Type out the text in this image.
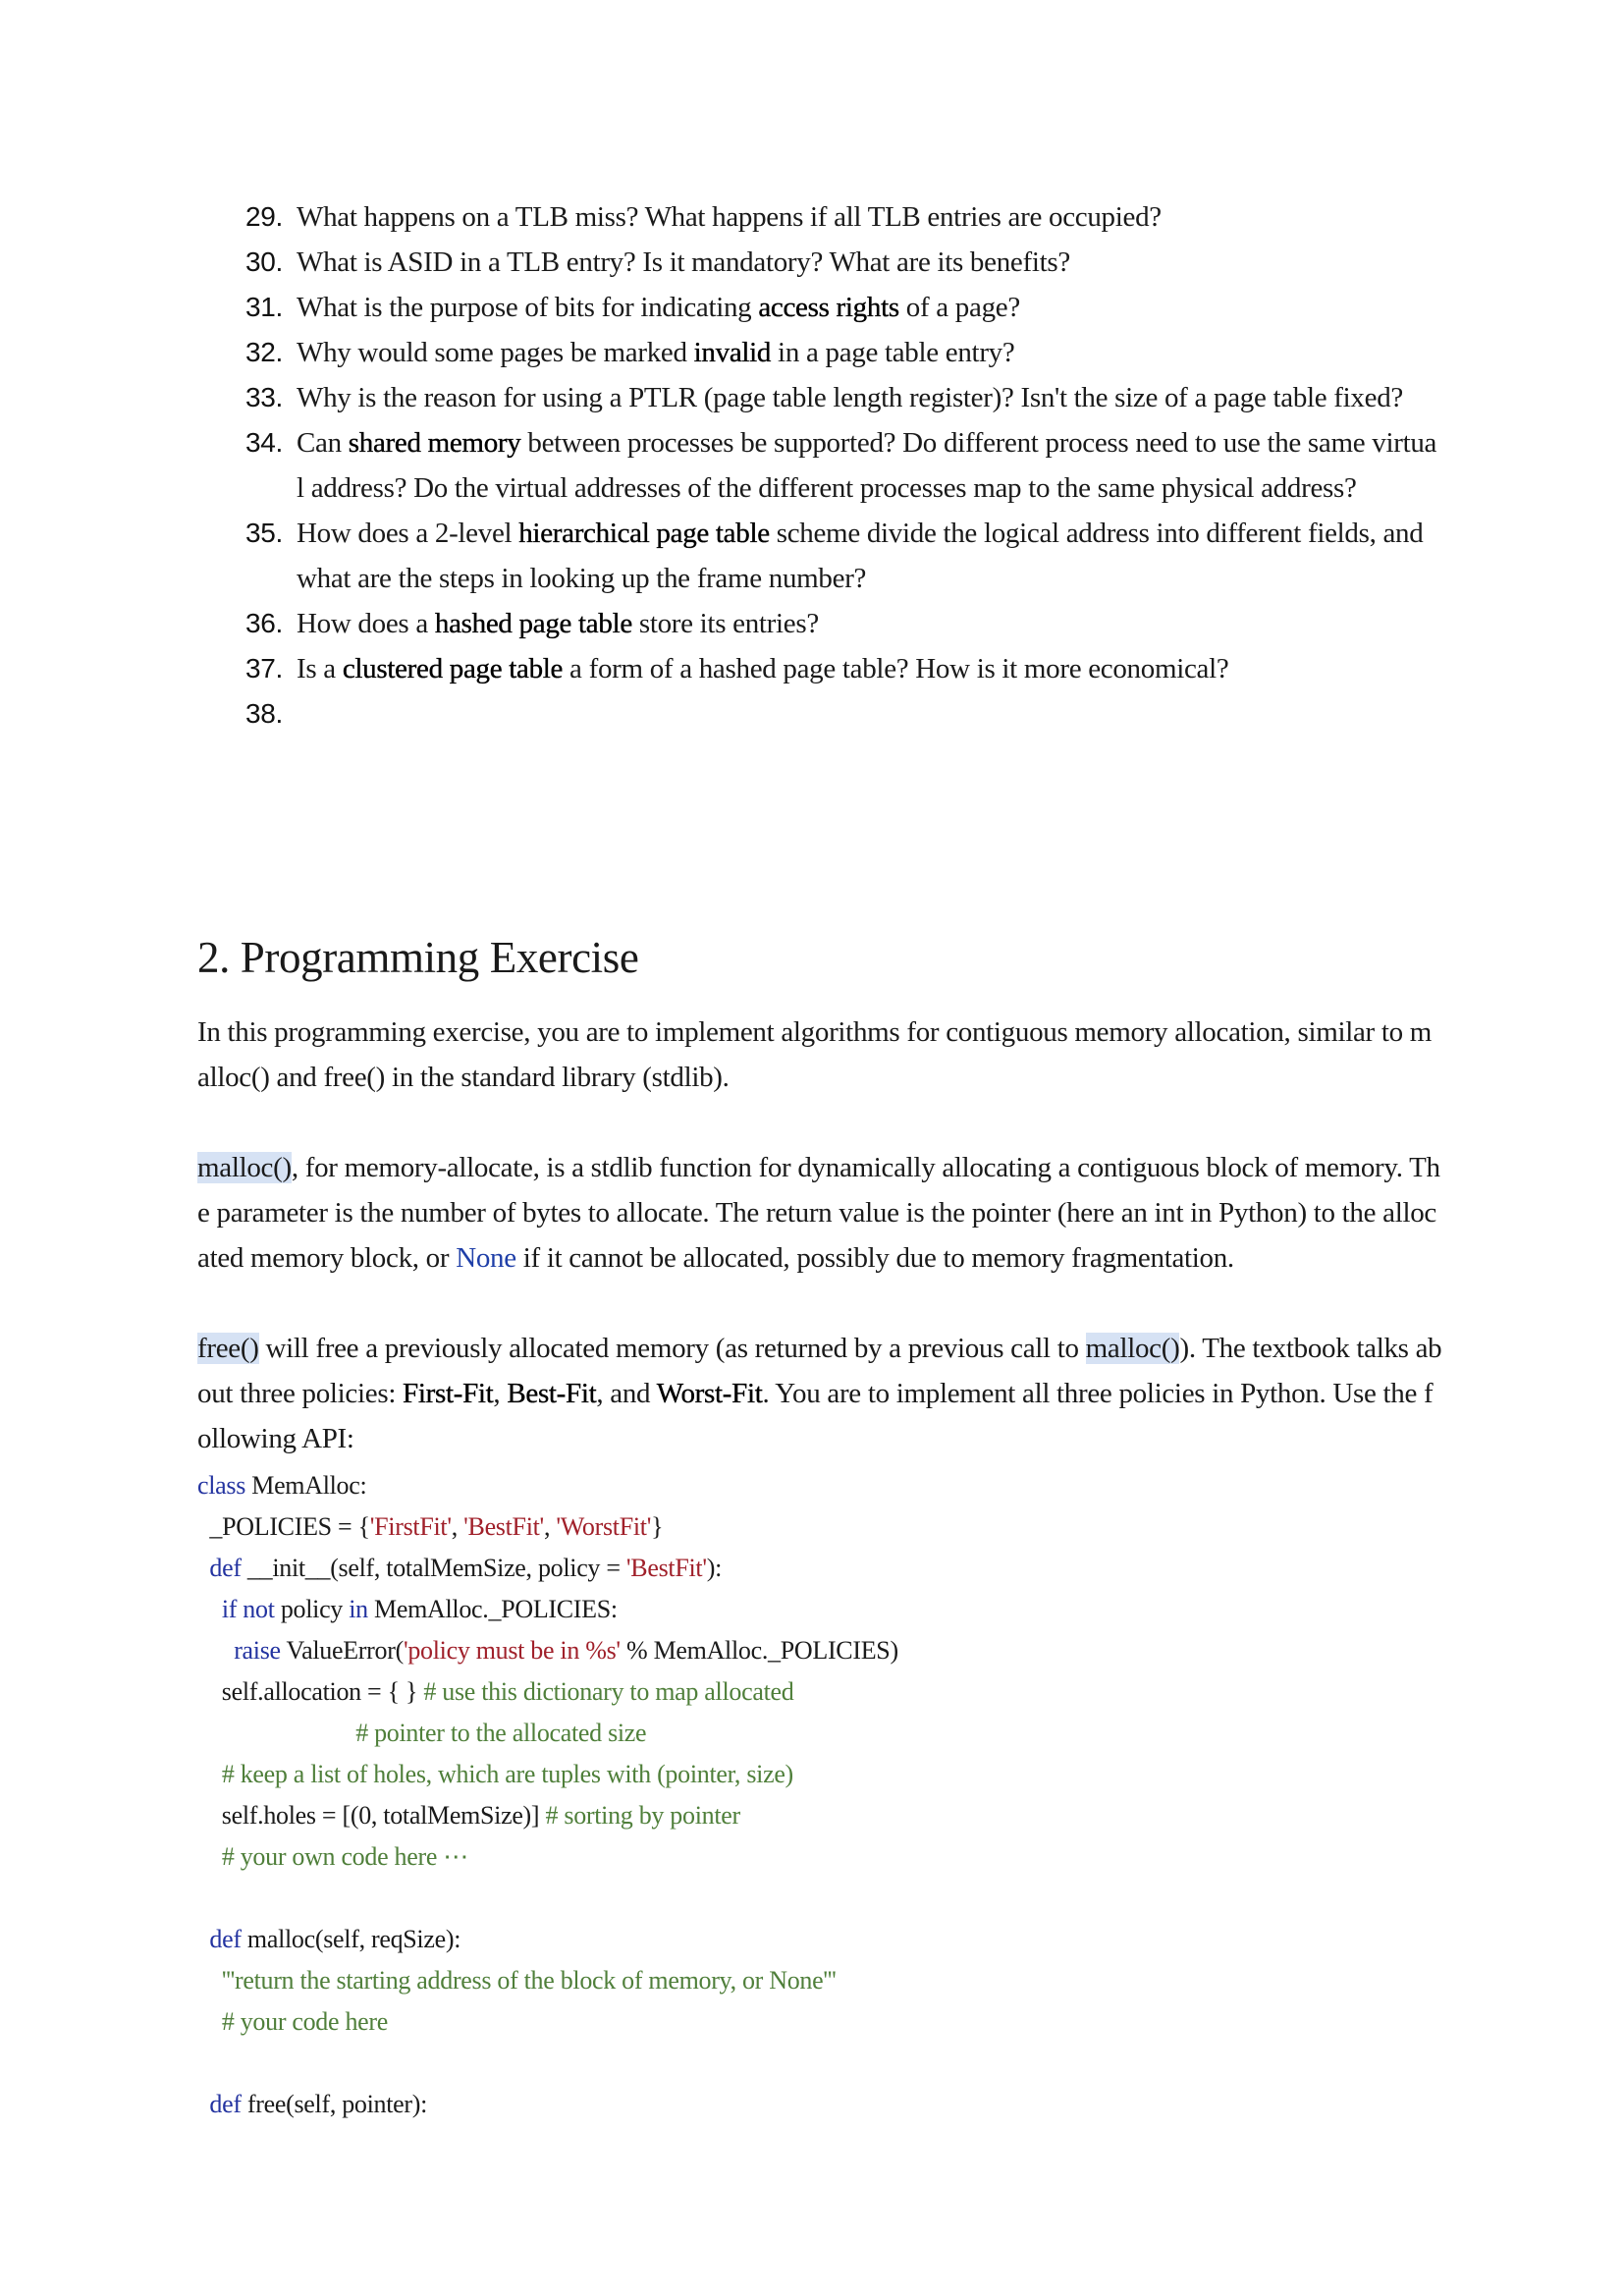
29. What happens on a TLB miss? What happens if all TLB entries are occupied?
30. What is ASID in a TLB entry? Is it mandatory? What are its benefits?
31. What is the purpose of bits for indicating access rights of a page?
32. Why would some pages be marked invalid in a page table entry?
33. Why is the reason for using a PTLR (page table length register)? Isn't the size of a page table fixed?
34. Can shared memory between processes be supported? Do different process need to use the same virtual address? Do the virtual addresses of the different processes map to the same physical address?
35. How does a 2-level hierarchical page table scheme divide the logical address into different fields, and what are the steps in looking up the frame number?
36. How does a hashed page table store its entries?
37. Is a clustered page table a form of a hashed page table? How is it more economical?
38.

2. Programming Exercise

In this programming exercise, you are to implement algorithms for contiguous memory allocation, similar to malloc() and free() in the standard library (stdlib).

malloc(), for memory-allocate, is a stdlib function for dynamically allocating a contiguous block of memory. The parameter is the number of bytes to allocate. The return value is the pointer (here an int in Python) to the allocated memory block, or None if it cannot be allocated, possibly due to memory fragmentation.

free() will free a previously allocated memory (as returned by a previous call to malloc()). The textbook talks about three policies: First-Fit, Best-Fit, and Worst-Fit. You are to implement all three policies in Python. Use the following API:

class MemAlloc:
_POLICIES = {'FirstFit', 'BestFit', 'WorstFit'}
def __init__(self, totalMemSize, policy = 'BestFit'):
if not policy in MemAlloc._POLICIES:
raise ValueError('policy must be in %s' % MemAlloc._POLICIES)
self.allocation = { } # use this dictionary to map allocated
# pointer to the allocated size
# keep a list of holes, which are tuples with (pointer, size)
self.holes = [(0, totalMemSize)] # sorting by pointer
# your own code here ⋯
def malloc(self, reqSize):
'''return the starting address of the block of memory, or None'''
# your code here
def free(self, pointer):
